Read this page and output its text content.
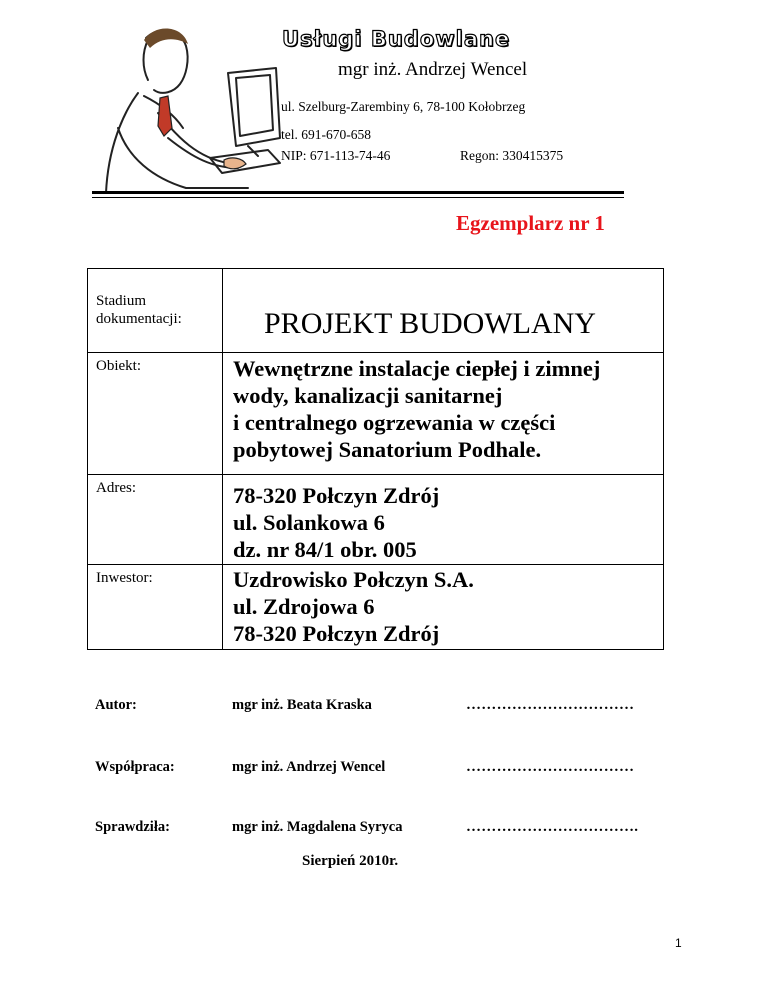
Usługi Budowlane
mgr inż. Andrzej Wencel
ul. Szelburg-Zarembiny 6, 78-100 Kołobrzeg
tel. 691-670-658
NIP: 671-113-74-46	Regon: 330415375
Egzemplarz nr 1
Stadium
dokumentacji:	PROJEKT BUDOWLANY
Obiekt:	Wewnętrzne instalacje ciepłej i zimnej
wody, kanalizacji sanitarnej
i centralnego ogrzewania w części
pobytowej Sanatorium Podhale.
Adres:	78-320 Połczyn Zdrój
ul. Solankowa 6
dz. nr 84/1 obr. 005
Inwestor:	Uzdrowisko Połczyn S.A.
ul. Zdrojowa 6
78-320 Połczyn Zdrój
Autor:	mgr inż. Beata Kraska	……………………………
Współpraca:	mgr inż. Andrzej Wencel	……………………………
Sprawdziła:	mgr inż. Magdalena Syryca	…………………………….
Sierpień 2010r.
1
